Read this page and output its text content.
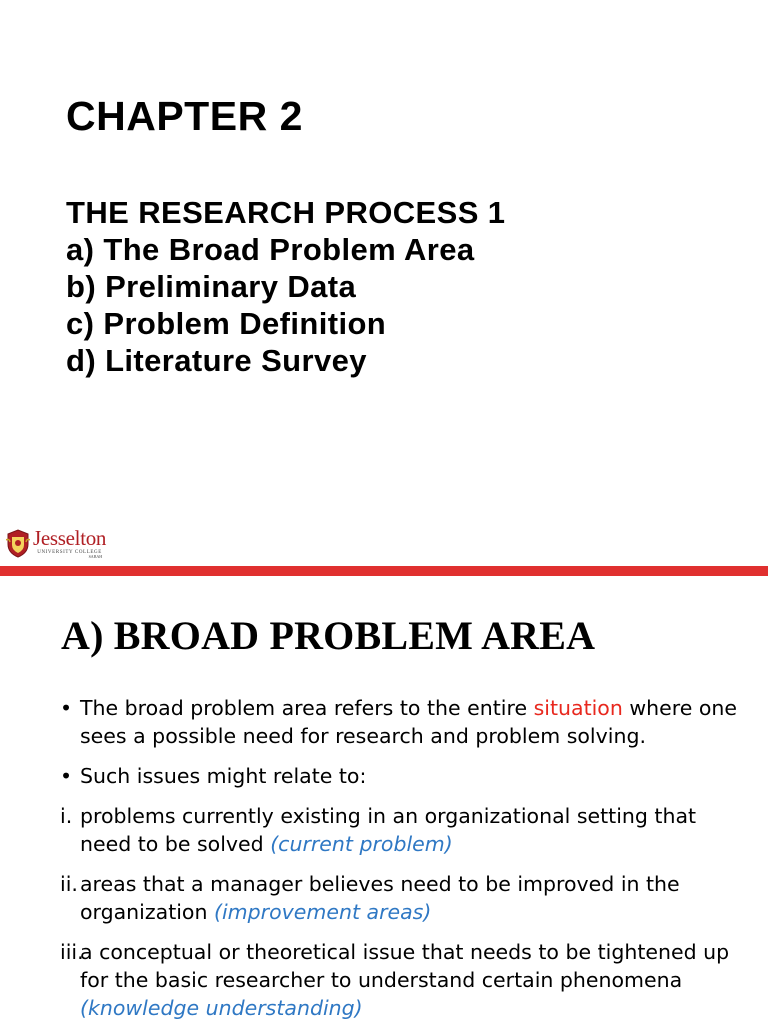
CHAPTER 2
THE RESEARCH PROCESS 1
a) The Broad Problem Area
b) Preliminary Data
c) Problem Definition
d) Literature Survey
Jesselton
UNIVERSITY COLLEGE
SABAH
A) BROAD PROBLEM AREA
• The broad problem area refers to the entire situation where one sees a possible need for research and problem solving.
• Such issues might relate to:
i. problems currently existing in an organizational setting that need to be solved (current problem)
ii. areas that a manager believes need to be improved in the organization (improvement areas)
iii.
a conceptual or theoretical issue that needs to be tightened up for the basic researcher to understand certain phenomena (knowledge understanding)
